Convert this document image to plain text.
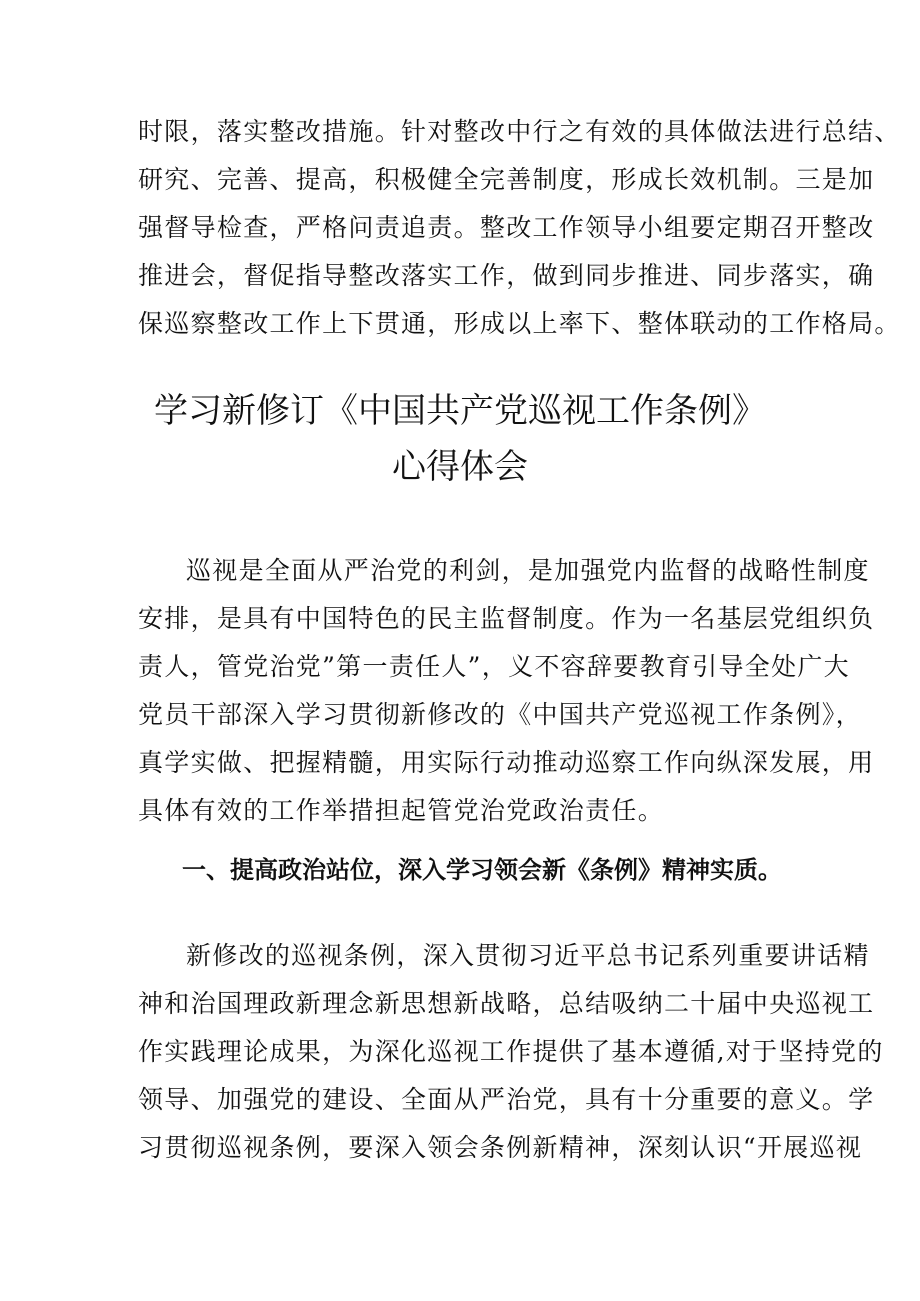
时限，落实整改措施。针对整改中行之有效的具体做法进行总结、
研究、完善、提高，积极健全完善制度，形成长效机制。三是加
强督导检查，严格问责追责。整改工作领导小组要定期召开整改
推进会，督促指导整改落实工作，做到同步推进、同步落实，确
保巡察整改工作上下贯通，形成以上率下、整体联动的工作格局。
学习新修订《中国共产党巡视工作条例》
心得体会
巡视是全面从严治党的利剑，是加强党内监督的战略性制度
安排，是具有中国特色的民主监督制度。作为一名基层党组织负
责人，管党治党”第一责任人”，义不容辞要教育引导全处广大
党员干部深入学习贯彻新修改的《中国共产党巡视工作条例》，
真学实做、把握精髓，用实际行动推动巡察工作向纵深发展，用
具体有效的工作举措担起管党治党政治责任。
一、提高政治站位，深入学习领会新《条例》精神实质。
新修改的巡视条例，深入贯彻习近平总书记系列重要讲话精
神和治国理政新理念新思想新战略，总结吸纳二十届中央巡视工
作实践理论成果，为深化巡视工作提供了基本遵循,对于坚持党的
领导、加强党的建设、全面从严治党，具有十分重要的意义。学
习贯彻巡视条例，要深入领会条例新精神，深刻认识“开展巡视
